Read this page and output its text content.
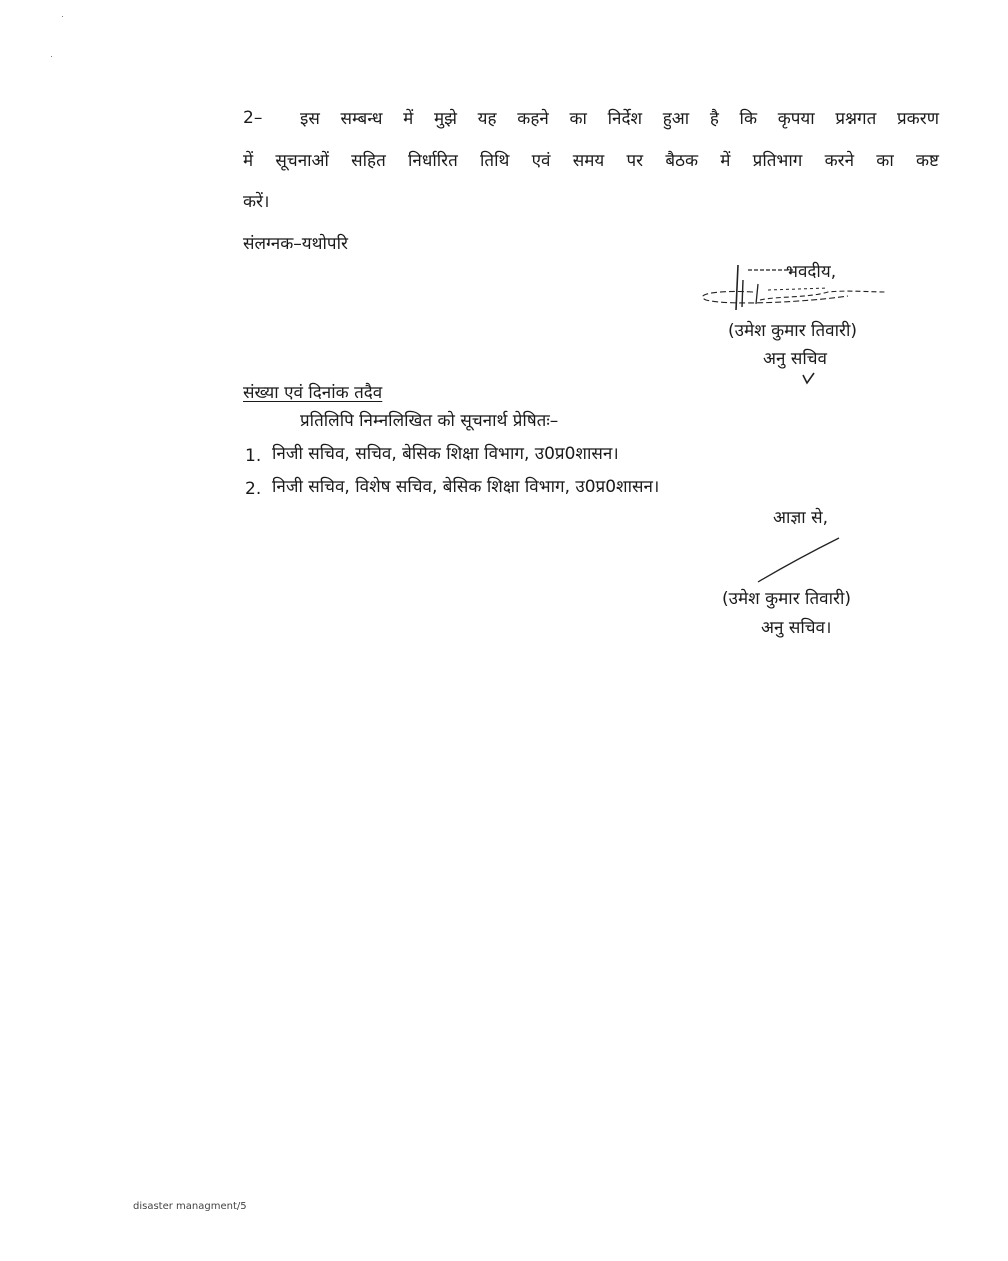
2– इस सम्बन्ध में मुझे यह कहने का निर्देश हुआ है कि कृपया प्रश्नगत प्रकरण
में सूचनाओं सहित निर्धारित तिथि एवं समय पर बैठक में प्रतिभाग करने का कष्ट
करें।
संलग्नक–यथोपरि
भवदीय,
(उमेश कुमार तिवारी)
अनु सचिव
संख्या एवं दिनांक तदैव
प्रतिलिपि निम्नलिखित को सूचनार्थ प्रेषितः–
1. निजी सचिव, सचिव, बेसिक शिक्षा विभाग, उ0प्र0शासन।
2. निजी सचिव, विशेष सचिव, बेसिक शिक्षा विभाग, उ0प्र0शासन।
आज्ञा से,
(उमेश कुमार तिवारी)
अनु सचिव।
disaster managment/5
